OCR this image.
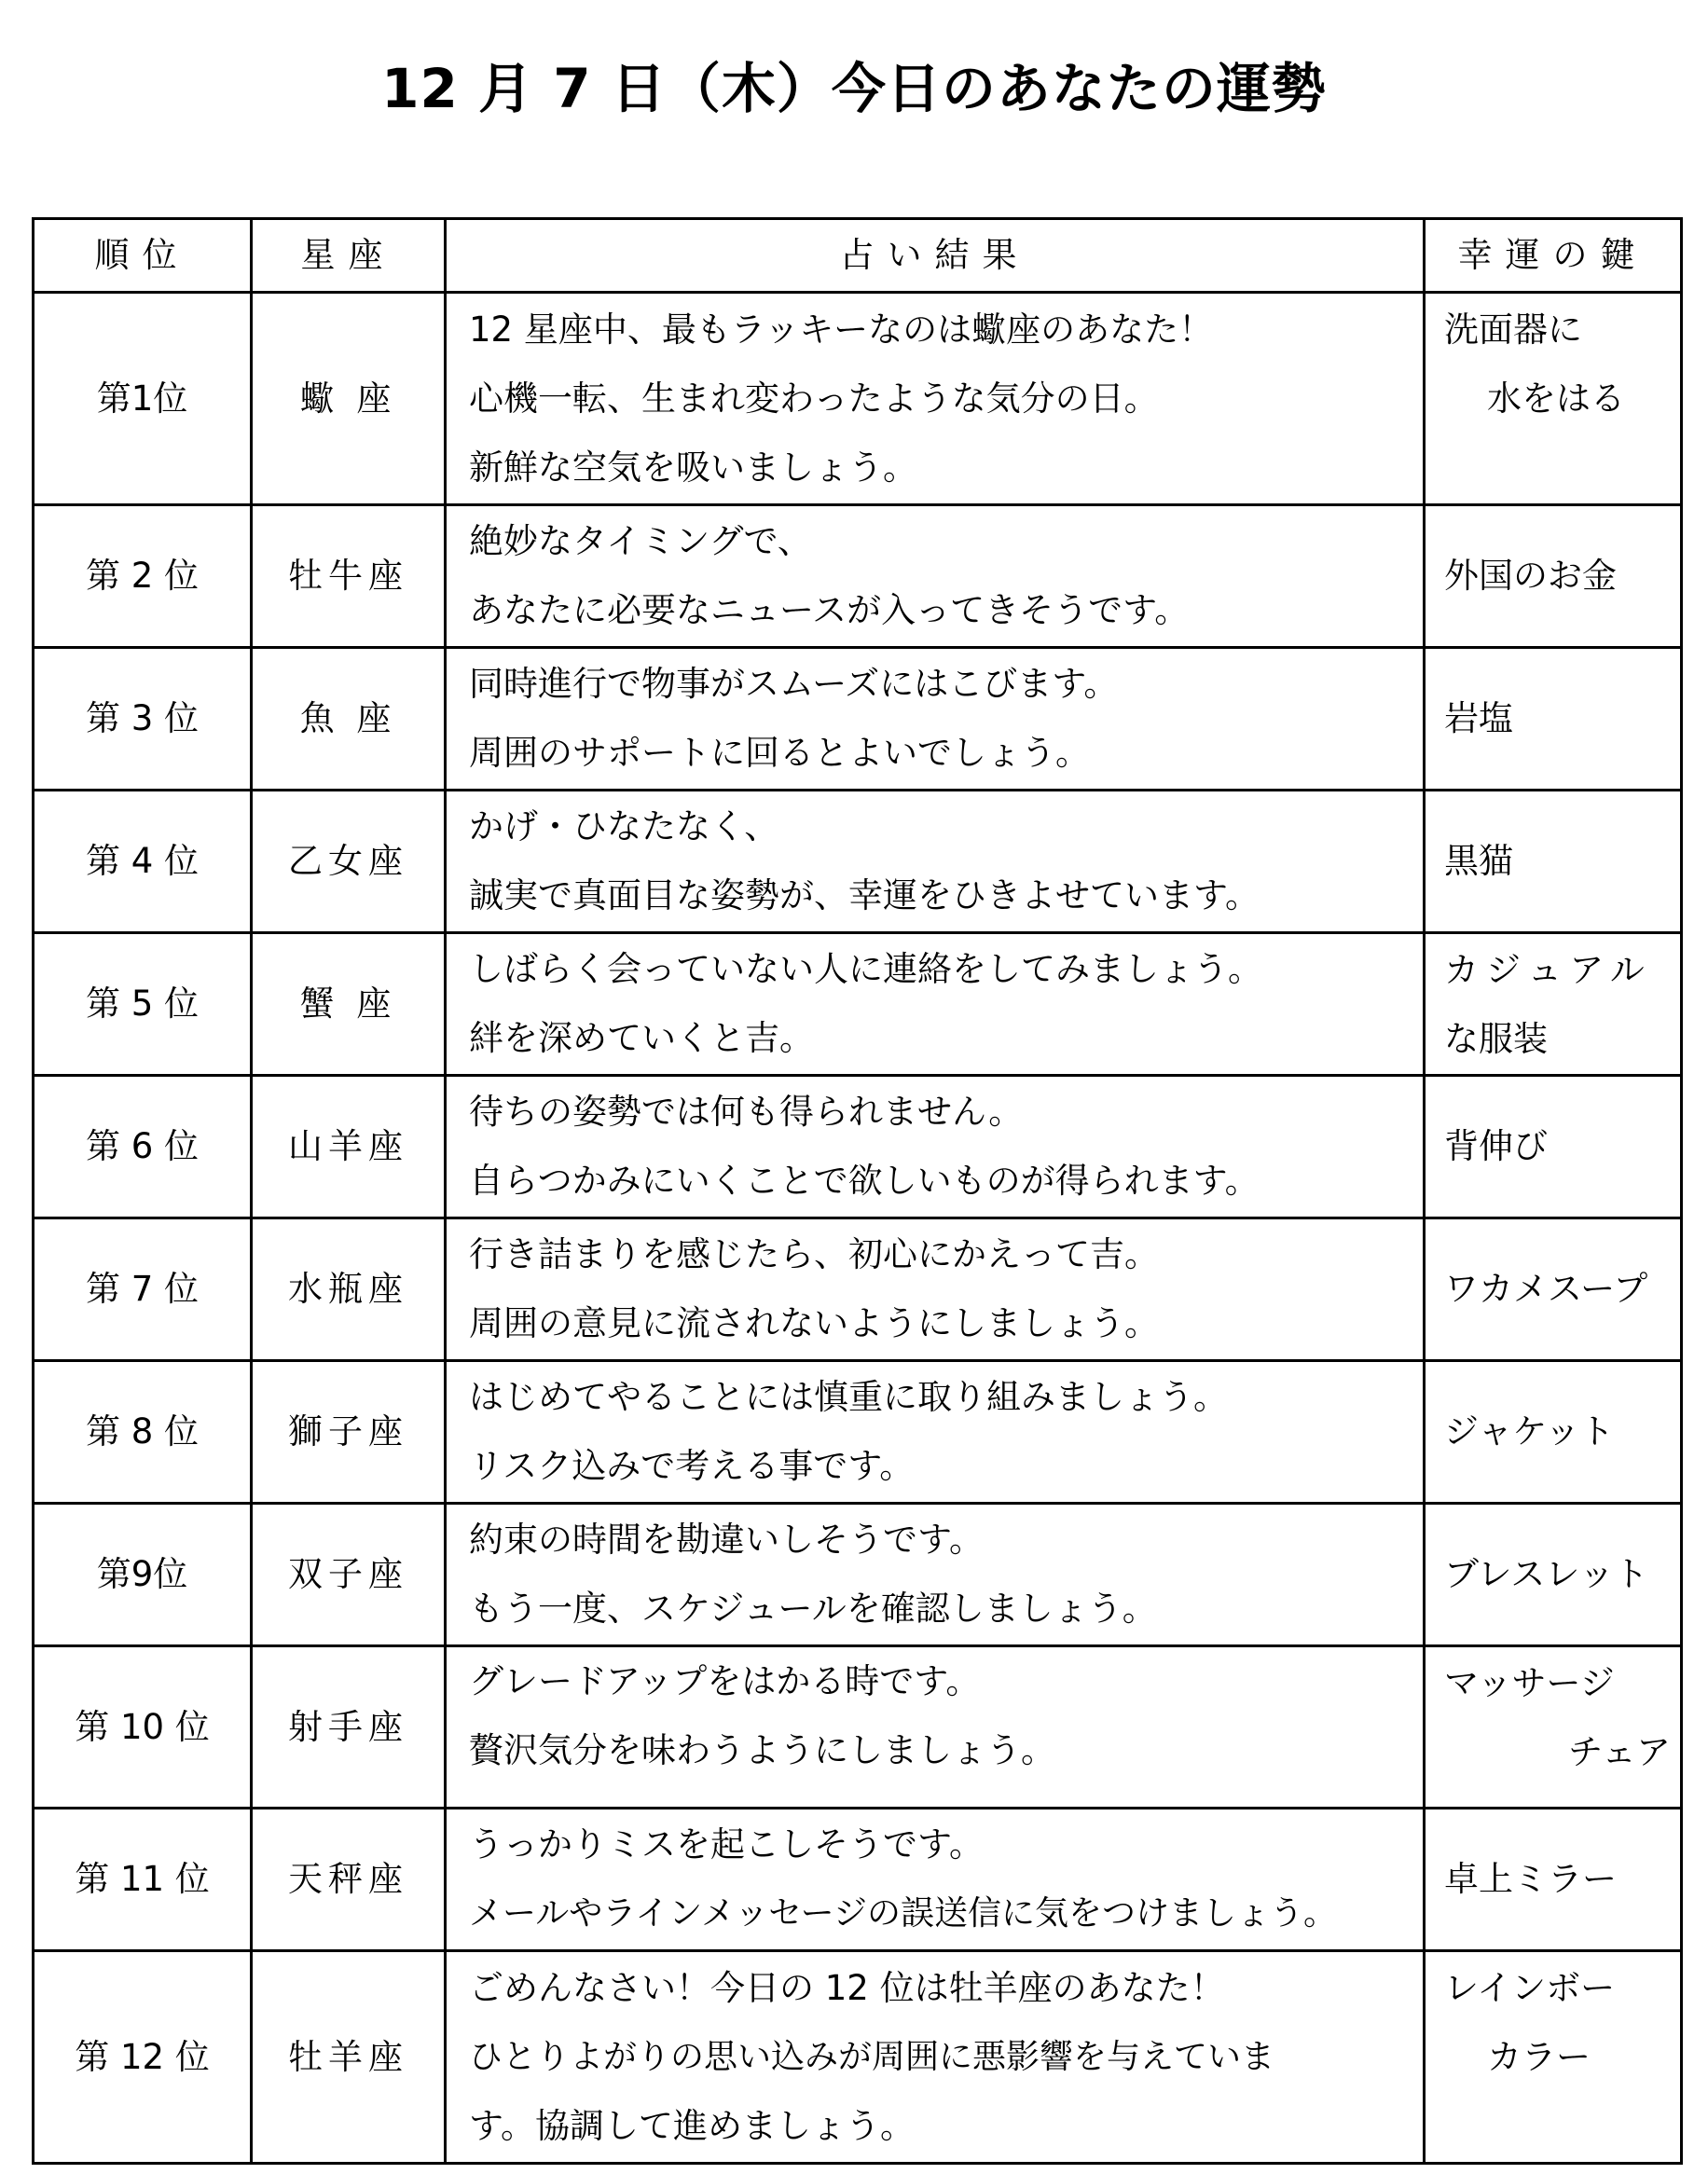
12 月 7 日（木）今日のあなたの運勢
順位	星座	占い結果	幸運の鍵
第1位	蠍 座	12 星座中、最もラッキーなのは蠍座のあなた！
心機一転、生まれ変わったような気分の日。
新鮮な空気を吸いましょう。	洗面器に
水をはる

第 2 位	牡牛座	絶妙なタイミングで、
あなたに必要なニュースが入ってきそうです。	外国のお金

第 3 位	魚 座	同時進行で物事がスムーズにはこびます。
周囲のサポートに回るとよいでしょう。	岩塩

第 4 位	乙女座	かげ・ひなたなく、
誠実で真面目な姿勢が、幸運をひきよせています。	黒猫

第 5 位	蟹 座	しばらく会っていない人に連絡をしてみましょう。
絆を深めていくと吉。	カジュアル
な服装

第 6 位	山羊座	待ちの姿勢では何も得られません。
自らつかみにいくことで欲しいものが得られます。	背伸び

第 7 位	水瓶座	行き詰まりを感じたら、初心にかえって吉。
周囲の意見に流されないようにしましょう。	ワカメスープ

第 8 位	獅子座	はじめてやることには慎重に取り組みましょう。
リスク込みで考える事です。	ジャケット

第9位	双子座	約束の時間を勘違いしそうです。
もう一度、スケジュールを確認しましょう。	ブレスレット

第 10 位	射手座	グレードアップをはかる時です。
贅沢気分を味わうようにしましょう。	マッサージ
チェア

第 11 位	天秤座	うっかりミスを起こしそうです。
メールやラインメッセージの誤送信に気をつけましょう。	卓上ミラー

第 12 位	牡羊座	ごめんなさい！今日の 12 位は牡羊座のあなた！
ひとりよがりの思い込みが周囲に悪影響を与えていま
す。協調して進めましょう。	レインボー
カラー
